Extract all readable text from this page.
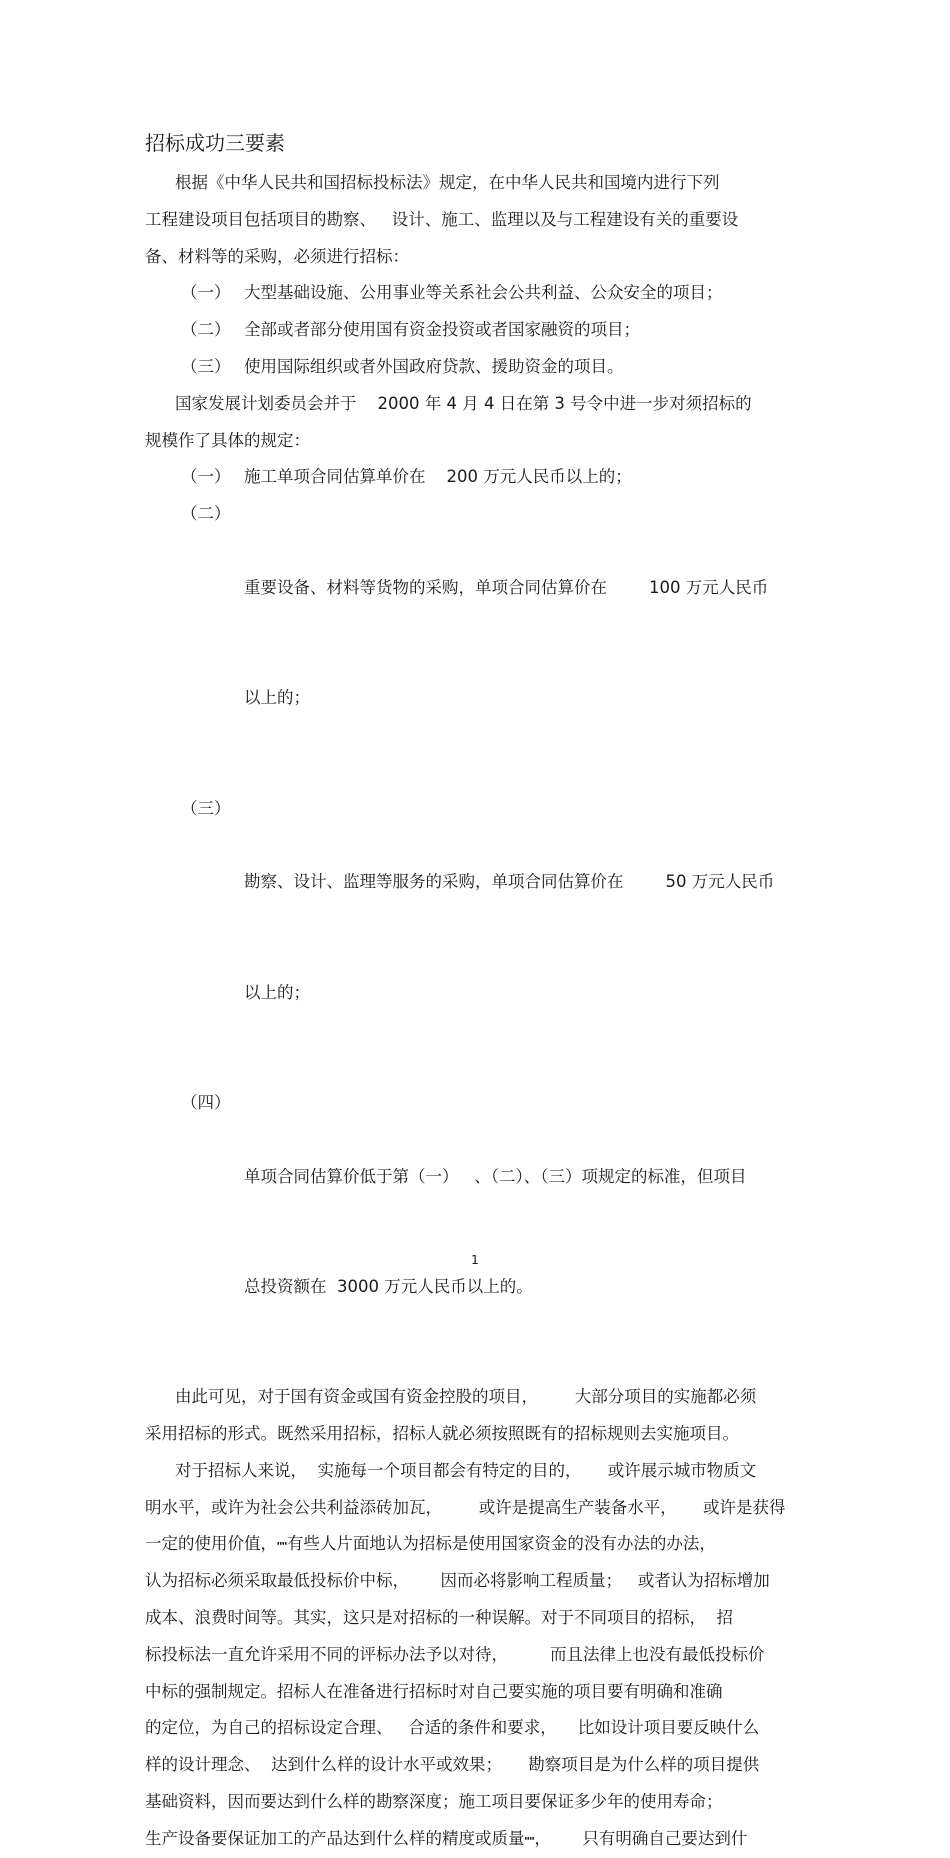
招标成功三要素
根据《中华人民共和国招标投标法》规定，在中华人民共和国境内进行下列
工程建设项目包括项目的勘察、   设计、施工、监理以及与工程建设有关的重要设
备、材料等的采购，必须进行招标：
（一） 大型基础设施、公用事业等关系社会公共利益、公众安全的项目；
（二） 全部或者部分使用国有资金投资或者国家融资的项目；
（三） 使用国际组织或者外国政府贷款、援助资金的项目。
国家发展计划委员会并于    2000 年 4 月 4 日在第 3 号令中进一步对须招标的
规模作了具体的规定：
（一） 施工单项合同估算单价在    200 万元人民币以上的；
（二）

重要设备、材料等货物的采购，单项合同估算价在        100 万元人民币

以上的；

（三）

勘察、设计、监理等服务的采购，单项合同估算价在        50 万元人民币

以上的；

（四）

单项合同估算价低于第（一）   、（二）、（三）项规定的标准，但项目

总投资额在  3000 万元人民币以上的。

由此可见，对于国有资金或国有资金控股的项目，       大部分项目的实施都必须
采用招标的形式。既然采用招标，招标人就必须按照既有的招标规则去实施项目。
对于招标人来说，  实施每一个项目都会有特定的目的，     或许展示城市物质文
明水平，或许为社会公共利益添砖加瓦，       或许是提高生产装备水平，     或许是获得
一定的使用价值，┉有些人片面地认为招标是使用国家资金的没有办法的办法，
认为招标必须采取最低投标价中标，      因而必将影响工程质量；   或者认为招标增加
成本、浪费时间等。其实，这只是对招标的一种误解。对于不同项目的招标，  招
标投标法一直允许采用不同的评标办法予以对待，        而且法律上也没有最低投标价
中标的强制规定。招标人在准备进行招标时对自己要实施的项目要有明确和准确
的定位，为自己的招标设定合理、   合适的条件和要求，    比如设计项目要反映什么
样的设计理念、  达到什么样的设计水平或效果；     勘察项目是为什么样的项目提供
基础资料，因而要达到什么样的勘察深度；施工项目要保证多少年的使用寿命；
生产设备要保证加工的产品达到什么样的精度或质量┉，      只有明确自己要达到什
1
